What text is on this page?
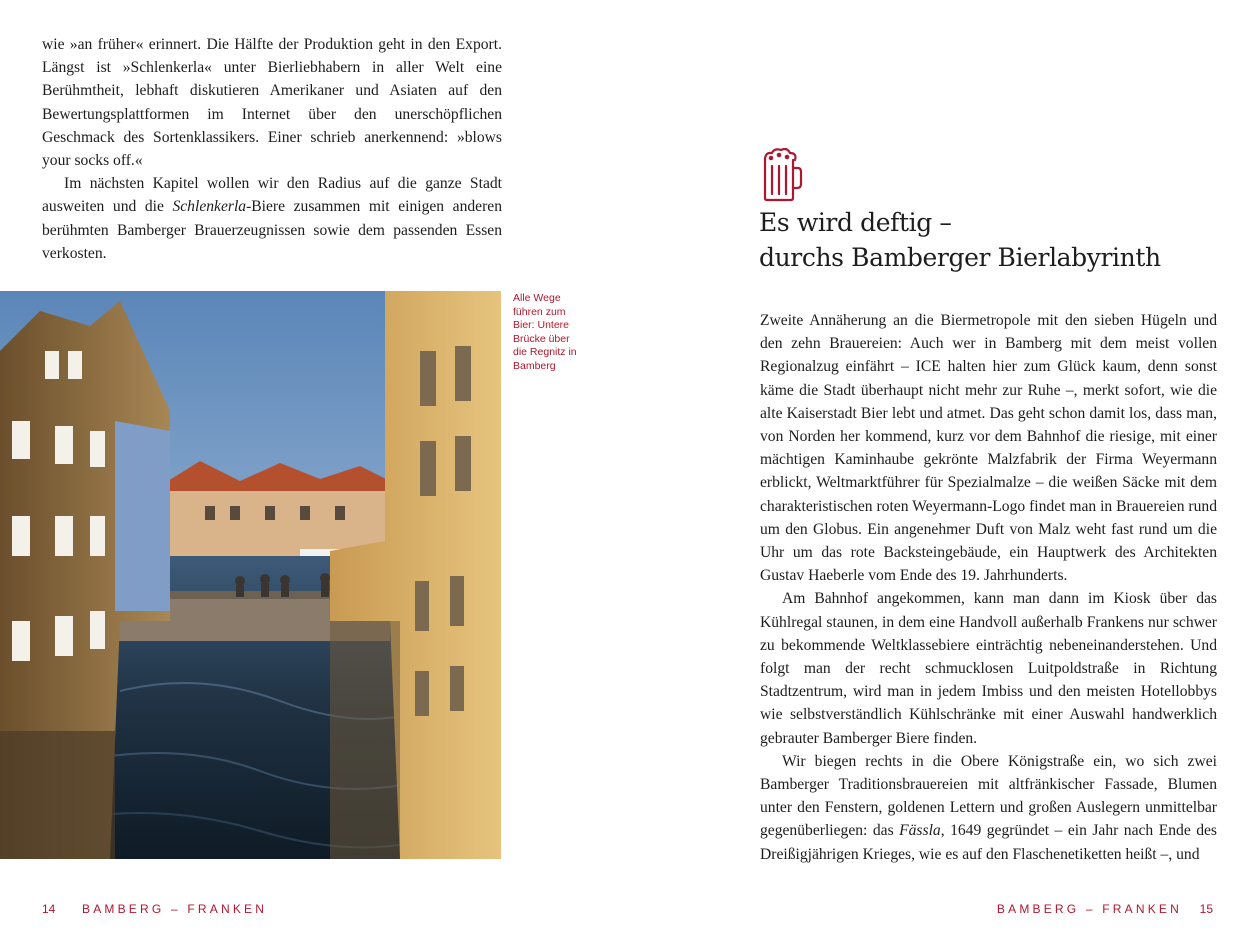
wie »an früher« erinnert. Die Hälfte der Produktion geht in den Export. Längst ist »Schlenkerla« unter Bierliebhabern in aller Welt eine Berühmtheit, lebhaft diskutieren Amerikaner und Asiaten auf den Bewertungsplattformen im Internet über den unerschöpflichen Geschmack des Sortenklassikers. Einer schrieb anerkennend: »blows your socks off.«

Im nächsten Kapitel wollen wir den Radius auf die ganze Stadt ausweiten und die Schlenkerla-Biere zusammen mit einigen anderen berühmten Bamberger Brauerzeugnissen sowie dem passenden Essen verkosten.

Alle Wege führen zum Bier: Untere Brücke über die Regnitz in Bamberg

14 BAMBERG – FRANKEN
Es wird deftig –
durchs Bamberger Bierlabyrinth

Zweite Annäherung an die Biermetropole mit den sieben Hügeln und den zehn Brauereien: Auch wer in Bamberg mit dem meist vollen Regionalzug einfährt – ICE halten hier zum Glück kaum, denn sonst käme die Stadt überhaupt nicht mehr zur Ruhe –, merkt sofort, wie die alte Kaiserstadt Bier lebt und atmet. Das geht schon damit los, dass man, von Norden her kommend, kurz vor dem Bahnhof die riesige, mit einer mächtigen Kaminhaube gekrönte Malzfabrik der Firma Weyermann erblickt, Weltmarktführer für Spezialmalze – die weißen Säcke mit dem charakteristischen roten Weyermann-Logo findet man in Brauereien rund um den Globus. Ein angenehmer Duft von Malz weht fast rund um die Uhr um das rote Backsteingebäude, ein Hauptwerk des Architekten Gustav Haeberle vom Ende des 19. Jahrhunderts.

Am Bahnhof angekommen, kann man dann im Kiosk über das Kühlregal staunen, in dem eine Handvoll außerhalb Frankens nur schwer zu bekommende Weltklassebiere einträchtig nebeneinanderstehen. Und folgt man der recht schmucklosen Luitpoldstraße in Richtung Stadtzentrum, wird man in jedem Imbiss und den meisten Hotellobbys wie selbstverständlich Kühlschränke mit einer Auswahl handwerklich gebrauter Bamberger Biere finden.

Wir biegen rechts in die Obere Königstraße ein, wo sich zwei Bamberger Traditionsbrauereien mit altfränkischer Fassade, Blumen unter den Fenstern, goldenen Lettern und großen Auslegern unmittelbar gegenüberliegen: das Fässla, 1649 gegründet – ein Jahr nach Ende des Dreißigjährigen Krieges, wie es auf den Flaschenetiketten heißt –, und

BAMBERG – FRANKEN 15
